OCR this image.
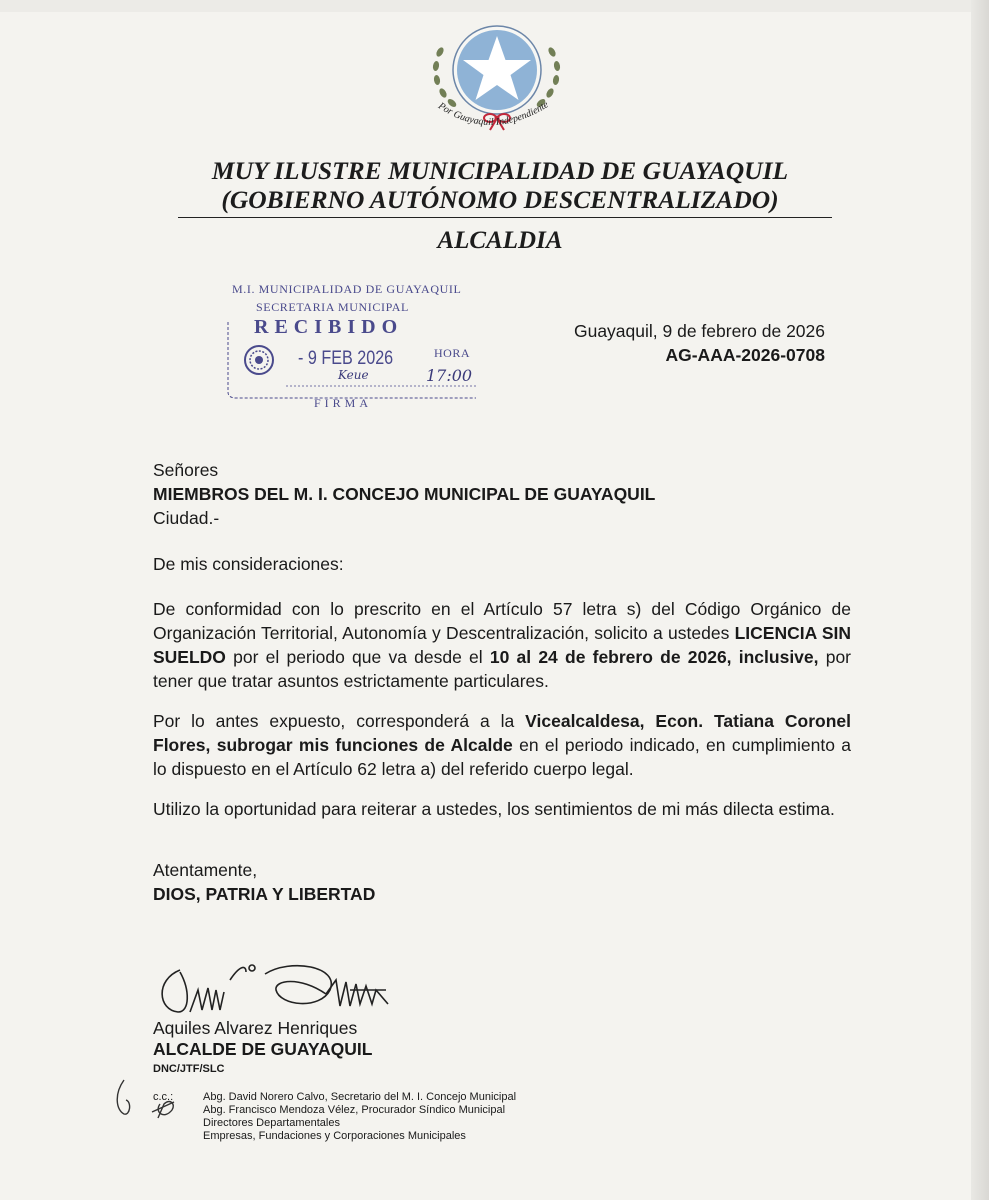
Por Guayaquil Independiente
MUY ILUSTRE MUNICIPALIDAD DE GUAYAQUIL
(GOBIERNO AUTÓNOMO DESCENTRALIZADO)
ALCALDIA
M.I. MUNICIPALIDAD DE GUAYAQUIL
SECRETARIA MUNICIPAL
RECIBIDO
- 9 FEB 2026	HORA
17:00
Keue
FIRMA
Guayaquil, 9 de febrero de 2026
AG-AAA-2026-0708
Señores
MIEMBROS DEL M. I. CONCEJO MUNICIPAL DE GUAYAQUIL
Ciudad.-
De mis consideraciones:
De conformidad con lo prescrito en el Artículo 57 letra s) del Código Orgánico de Organización Territorial, Autonomía y Descentralización, solicito a ustedes LICENCIA SIN SUELDO por el periodo que va desde el 10 al 24 de febrero de 2026, inclusive, por tener que tratar asuntos estrictamente particulares.
Por lo antes expuesto, corresponderá a la Vicealcaldesa, Econ. Tatiana Coronel Flores, subrogar mis funciones de Alcalde en el periodo indicado, en cumplimiento a lo dispuesto en el Artículo 62 letra a) del referido cuerpo legal.
Utilizo la oportunidad para reiterar a ustedes, los sentimientos de mi más dilecta estima.
Atentamente,
DIOS, PATRIA Y LIBERTAD
Aquiles Alvarez Henriques
ALCALDE DE GUAYAQUIL
DNC/JTF/SLC
c.c.:	Abg. David Norero Calvo, Secretario del M. I. Concejo Municipal
Abg. Francisco Mendoza Vélez, Procurador Síndico Municipal
Directores Departamentales
Empresas, Fundaciones y Corporaciones Municipales
